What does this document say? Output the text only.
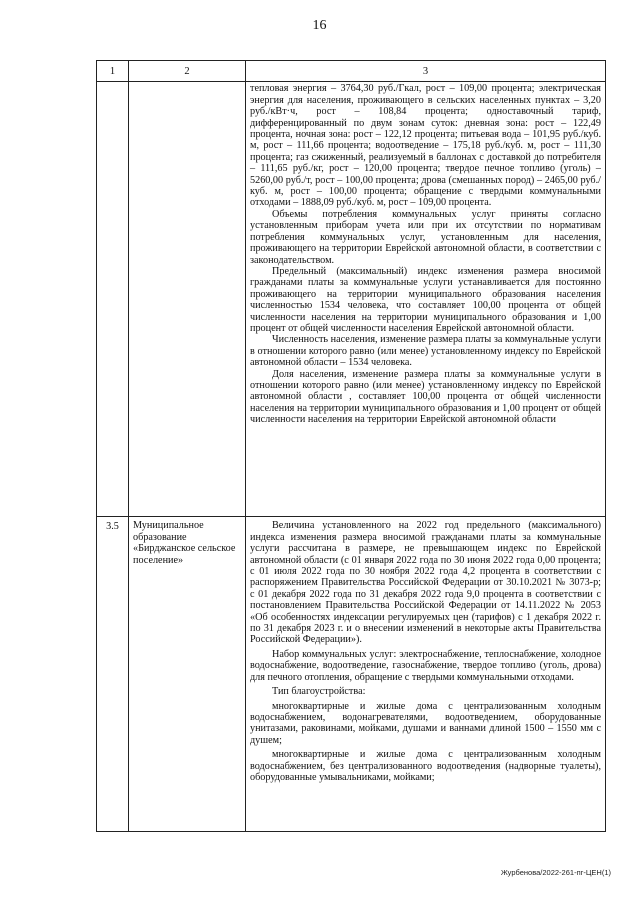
16
1	2	3

		тепловая энергия – 3764,30 руб./Гкал, рост – 109,00 процента; электрическая энергия для населения, проживающего в сельских населенных пунктах – 3,20 руб./кВт·ч, рост – 108,84 процента; одноставочный тариф, дифференцированный по двум зонам суток: дневная зона: рост – 122,49 процента, ночная зона: рост – 122,12 процента; питьевая вода – 101,95 руб./куб. м, рост – 111,66 процента; водоотведение – 175,18 руб./куб. м, рост – 111,30 процента; газ сжиженный, реализуемый в баллонах с доставкой до потребителя – 111,65 руб./кг, рост – 120,00 процента; твердое печное топливо (уголь) – 5260,00 руб./т, рост – 100,00 процента; дрова (смешанных пород) – 2465,00 руб./куб. м, рост – 100,00 процента; обращение с твердыми коммунальными отходами – 1888,09 руб./куб. м, рост – 109,00 процента.

Объемы потребления коммунальных услуг приняты согласно установленным приборам учета или при их отсутствии по нормативам потребления коммунальных услуг, установленным для населения, проживающего на территории Еврейской автономной области, в соответствии с законодательством.

Предельный (максимальный) индекс изменения размера вносимой гражданами платы за коммунальные услуги устанавливается для постоянно проживающего на территории муниципального образования населения численностью 1534 человека, что составляет 100,00 процента от общей численности населения на территории муниципального образования и 1,00 процент от общей численности населения Еврейской автономной области.

Численность населения, изменение размера платы за коммунальные услуги в отношении которого равно (или менее) установленному индексу по Еврейской автономной области – 1534 человека.

Доля населения, изменение размера платы за коммунальные услуги в отношении которого равно (или менее) установленному индексу по Еврейской автономной области , составляет 100,00 процента от общей численности населения на территории муниципального образования и 1,00 процент от общей численности населения на территории Еврейской автономной области

3.5	Муниципальное образование «Бирджанское сельское поселение»	Величина установленного на 2022 год предельного (максимального) индекса изменения размера вносимой гражданами платы за коммунальные услуги рассчитана в размере, не превышающем индекс по Еврейской автономной области (с 01 января 2022 года по 30 июня 2022 года 0,00 процента; с 01 июля 2022 года по 30 ноября 2022 года 4,2 процента в соответствии с распоряжением Правительства Российской Федерации от 30.10.2021 № 3073-р; с 01 декабря 2022 года по 31 декабря 2022 года 9,0 процента в соответствии с постановлением Правительства Российской Федерации от 14.11.2022 № 2053 «Об особенностях индексации регулируемых цен (тарифов) с 1 декабря 2022 г. по 31 декабря 2023 г. и о внесении изменений в некоторые акты Правительства Российской Федерации»).

Набор коммунальных услуг: электроснабжение, теплоснабжение, холодное водоснабжение, водоотведение, газоснабжение, твердое топливо (уголь, дрова) для печного отопления, обращение с твердыми коммунальными отходами.

Тип благоустройства:

многоквартирные и жилые дома с централизованным холодным водоснабжением, водонагревателями, водоотведением, оборудованные унитазами, раковинами, мойками, душами и ваннами длиной 1500 – 1550 мм с душем;

многоквартирные и жилые дома с централизованным холодным водоснабжением, без централизованного водоотведения (надворные туалеты), оборудованные умывальниками, мойками;

Журбенова/2022-261-пг-ЦЕН(1)
